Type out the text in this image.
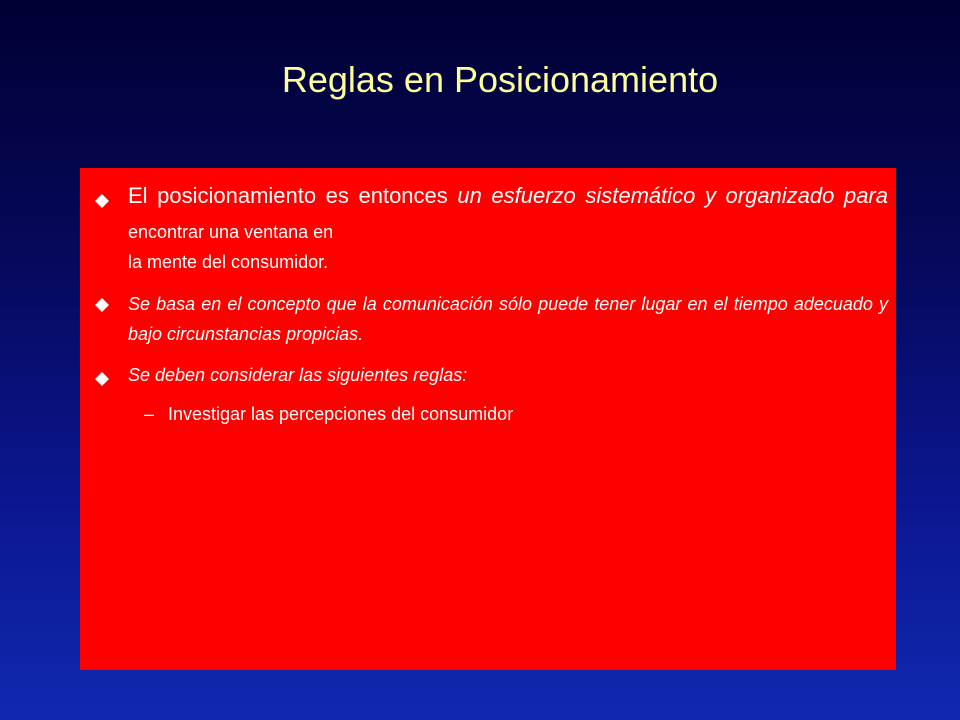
Reglas en Posicionamiento
El posicionamiento es entonces un esfuerzo sistemático y organizado para encontrar una ventana en
la mente del consumidor.
Se basa en el concepto que la comunicación sólo puede tener lugar en el tiempo adecuado y bajo circunstancias propicias.
Se deben considerar las siguientes reglas:
– Investigar las percepciones del consumidor
